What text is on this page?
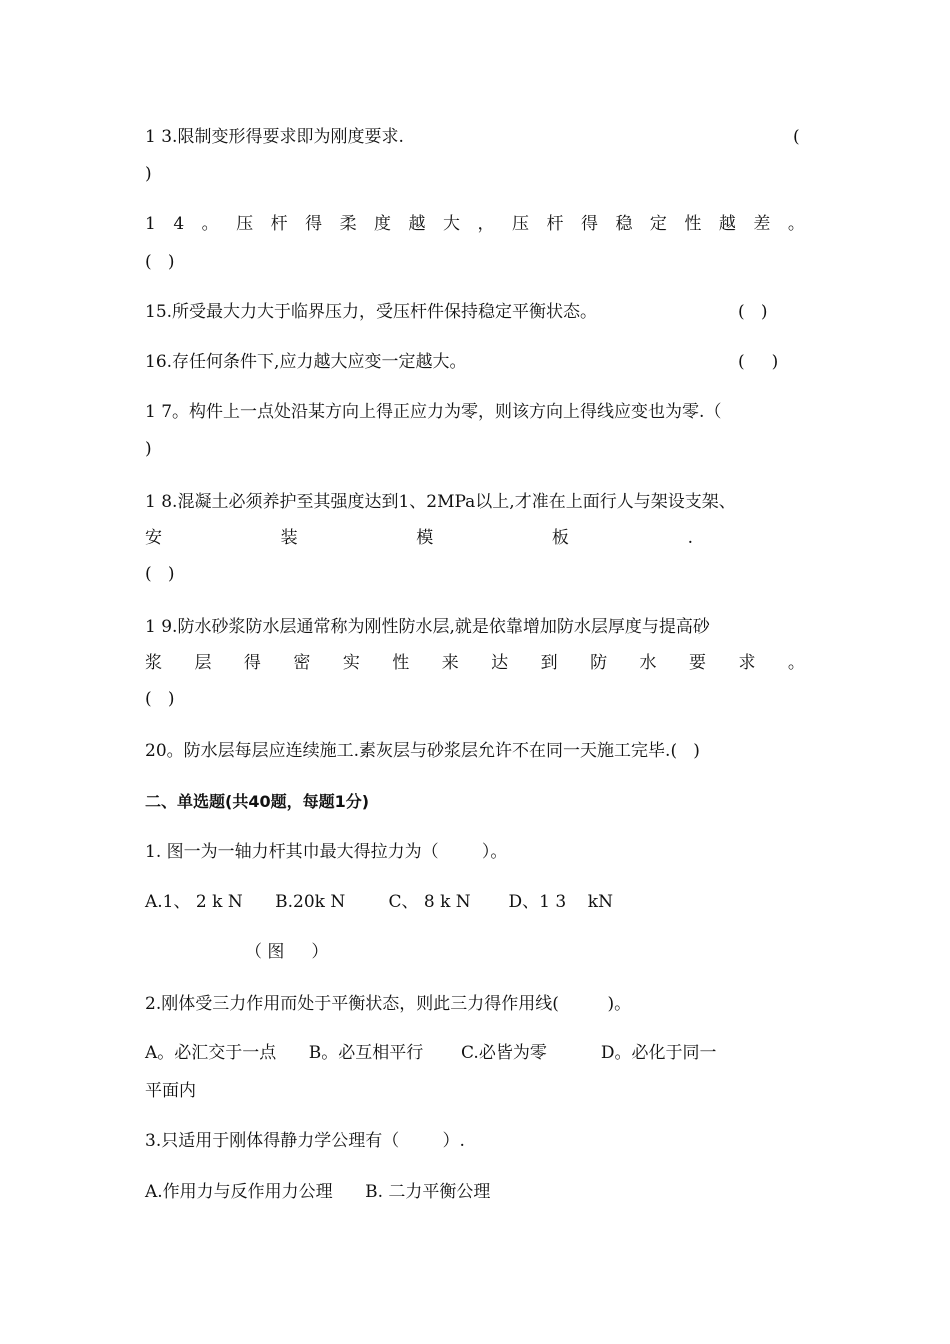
1 3.限制变形得要求即为刚度要求.	(
)
1 4 。 压 杆 得 柔 度 越 大 ， 压 杆 得 稳 定 性 越 差 。
(   )
15.所受最大力大于临界压力，受压杆件保持稳定平衡状态。	(   )
16.存任何条件下,应力越大应变一定越大。	(     )
1 7。构件上一点处沿某方向上得正应力为零，则该方向上得线应变也为零.（
)
1 8.混凝土必须养护至其强度达到1、2MPa以上,才准在上面行人与架设支架、
安	装	模	板	.
(   )
1 9.防水砂浆防水层通常称为刚性防水层,就是依靠增加防水层厚度与提高砂
浆 层 得 密 实 性 来 达 到 防 水 要 求 。
(   )
20。防水层每层应连续施工.素灰层与砂浆层允许不在同一天施工完毕.(   )
二、单选题(共40题，每题1分)
1. 图一为一轴力杆其巾最大得拉力为（        ）。
A.1、 2 k N      B.20k N        C、 8 k N       D、1 3    kN
（ 图     ）
2.刚体受三力作用而处于平衡状态，则此三力得作用线(         )。
A。必汇交于一点      B。必互相平行       C.必皆为零          D。必化于同一
平面内
3.只适用于刚体得静力学公理有（        ）.
A.作用力与反作用力公理      B. 二力平衡公理
